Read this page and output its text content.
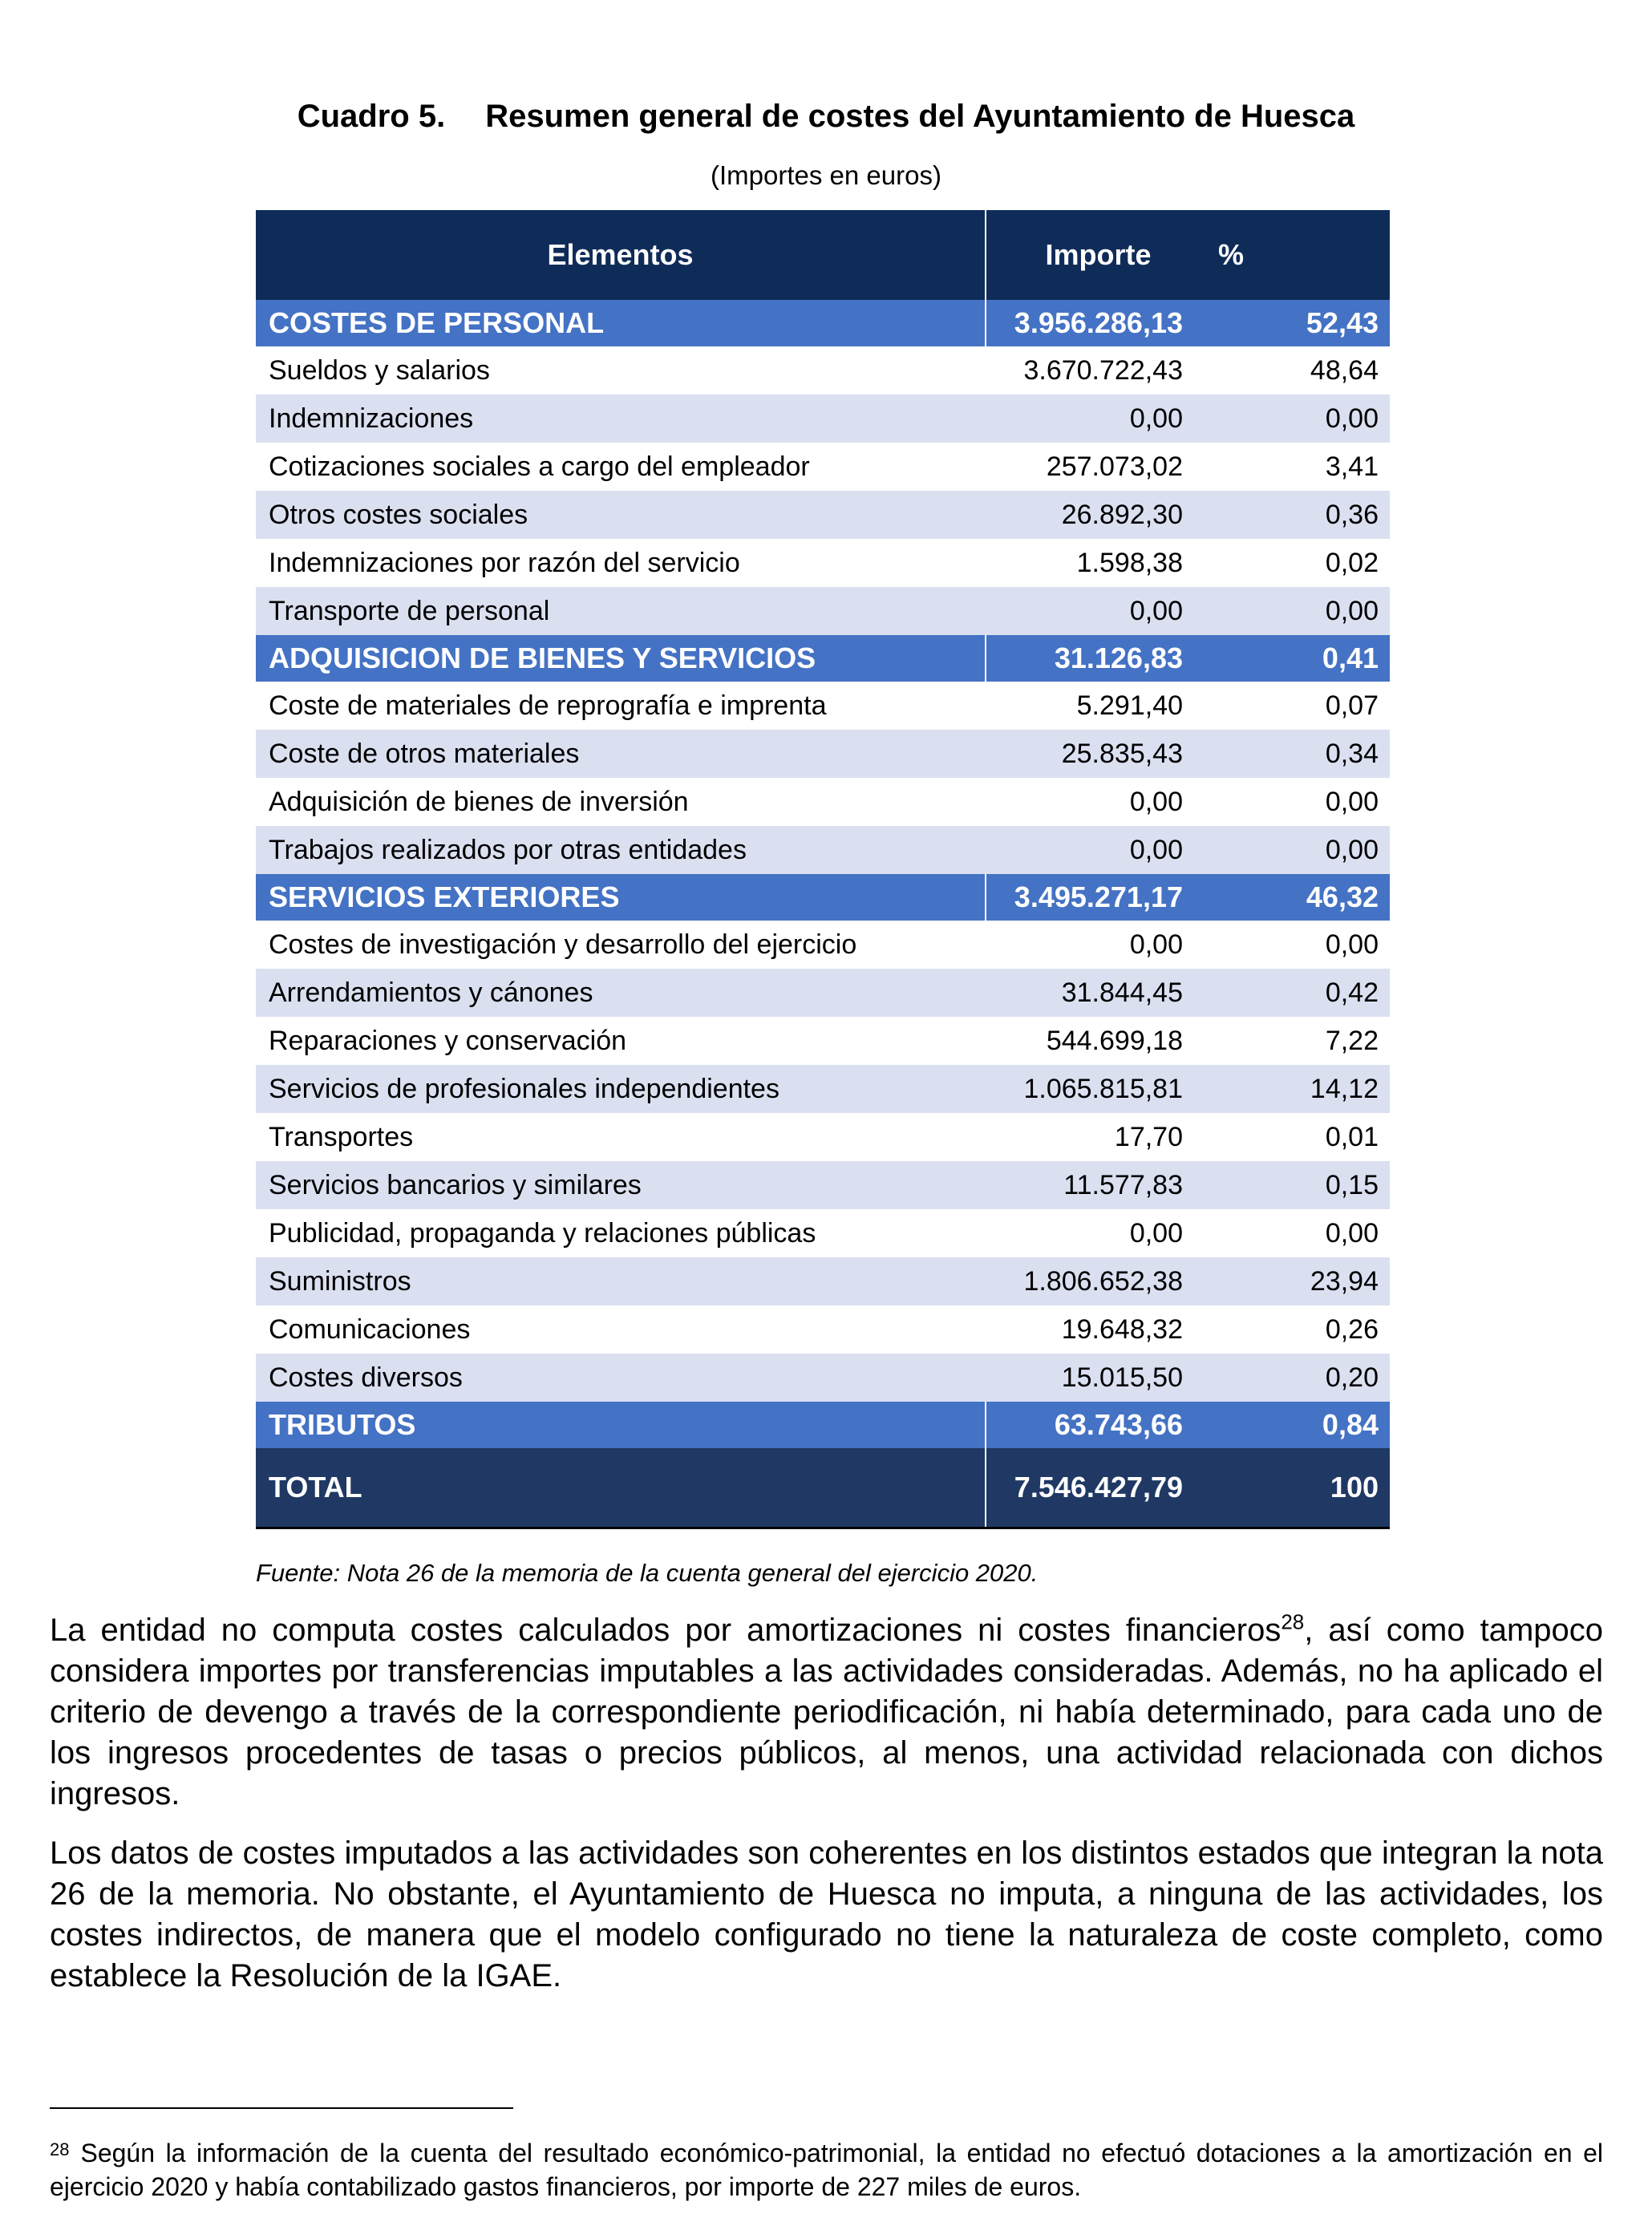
Cuadro 5. Resumen general de costes del Ayuntamiento de Huesca
(Importes en euros)
Elementos	Importe	%
COSTES DE PERSONAL	3.956.286,13	52,43
Sueldos y salarios	3.670.722,43	48,64
Indemnizaciones	0,00	0,00
Cotizaciones sociales a cargo del empleador	257.073,02	3,41
Otros costes sociales	26.892,30	0,36
Indemnizaciones por razón del servicio	1.598,38	0,02
Transporte de personal	0,00	0,00
ADQUISICION DE BIENES Y SERVICIOS	31.126,83	0,41
Coste de materiales de reprografía e imprenta	5.291,40	0,07
Coste de otros materiales	25.835,43	0,34
Adquisición de bienes de inversión	0,00	0,00
Trabajos realizados por otras entidades	0,00	0,00
SERVICIOS EXTERIORES	3.495.271,17	46,32
Costes de investigación y desarrollo del ejercicio	0,00	0,00
Arrendamientos y cánones	31.844,45	0,42
Reparaciones y conservación	544.699,18	7,22
Servicios de profesionales independientes	1.065.815,81	14,12
Transportes	17,70	0,01
Servicios bancarios y similares	11.577,83	0,15
Publicidad, propaganda y relaciones públicas	0,00	0,00
Suministros	1.806.652,38	23,94
Comunicaciones	19.648,32	0,26
Costes diversos	15.015,50	0,20
TRIBUTOS	63.743,66	0,84
TOTAL	7.546.427,79	100
Fuente: Nota 26 de la memoria de la cuenta general del ejercicio 2020.
La entidad no computa costes calculados por amortizaciones ni costes financieros$^{28}$, así como tampoco considera importes por transferencias imputables a las actividades consideradas. Además, no ha aplicado el criterio de devengo a través de la correspondiente periodificación, ni había determinado, para cada uno de los ingresos procedentes de tasas o precios públicos, al menos, una actividad relacionada con dichos ingresos.
Los datos de costes imputados a las actividades son coherentes en los distintos estados que integran la nota 26 de la memoria. No obstante, el Ayuntamiento de Huesca no imputa, a ninguna de las actividades, los costes indirectos, de manera que el modelo configurado no tiene la naturaleza de coste completo, como establece la Resolución de la IGAE.
$^{28}$ Según la información de la cuenta del resultado económico-patrimonial, la entidad no efectuó dotaciones a la amortización en el ejercicio 2020 y había contabilizado gastos financieros, por importe de 227 miles de euros.
